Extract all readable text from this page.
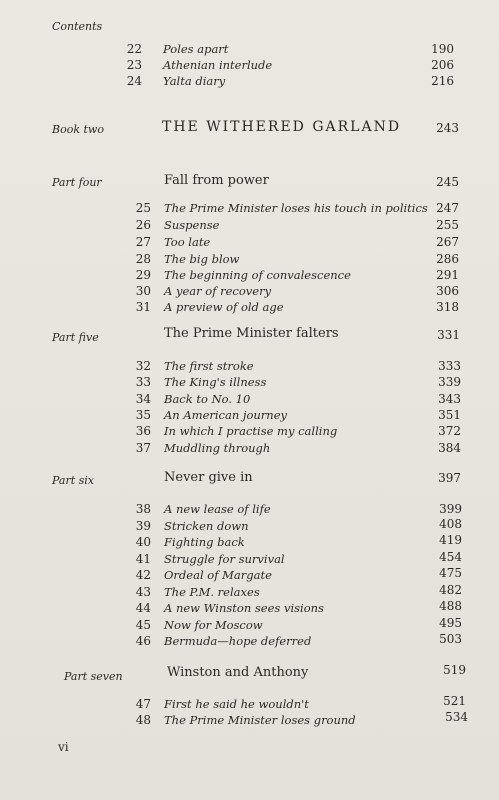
Contents
22 Poles apart	190
23 Athenian interlude	206
24 Yalta diary	216
Book two	THE WITHERED GARLAND	243
Part four	Fall from power	245
25 The Prime Minister loses his touch in politics 247
26 Suspense	255
27 Too late	267
28 The big blow	286
29 The beginning of convalescence	291
30 A year of recovery	306
31 A preview of old age	318
Part five	The Prime Minister falters	331
32 The first stroke	333
33 The King's illness	339
34 Back to No. 10	343
35 An American journey	351
36 In which I practise my calling	372
37 Muddling through	384
Part six	Never give in	397
38 A new lease of life	399
39 Stricken down	408
40 Fighting back	419
41 Struggle for survival	454
42 Ordeal of Margate	475
43 The P.M. relaxes	482
44 A new Winston sees visions	488
45 Now for Moscow	495
46 Bermuda—hope deferred	503
Part seven	Winston and Anthony	519
47 First he said he wouldn't	521
48 The Prime Minister loses ground	534
vi
